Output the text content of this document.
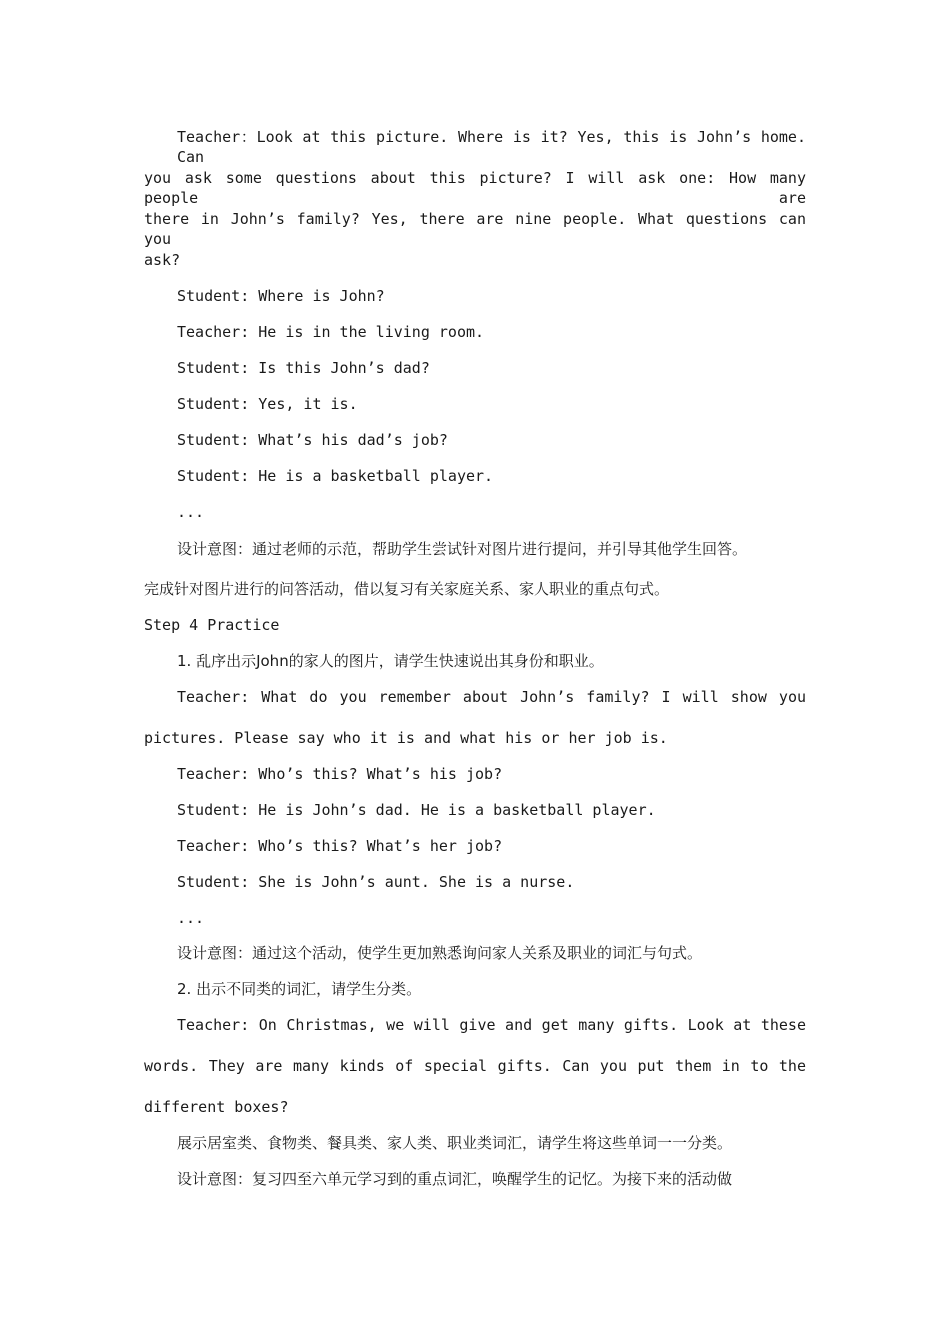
Teacher：Look at this picture. Where is it? Yes, this is John’s home. Can
you ask some questions about this picture? I will ask one: How many people are
there in John’s family? Yes, there are nine people. What questions can you
ask?
Student: Where is John?
Teacher: He is in the living room.
Student: Is this John’s dad?
Student: Yes, it is.
Student: What’s his dad’s job?
Student: He is a basketball player.
...
设计意图：通过老师的示范，帮助学生尝试针对图片进行提问，并引导其他学生回答。
完成针对图片进行的问答活动，借以复习有关家庭关系、家人职业的重点句式。
Step 4 Practice
1. 乱序出示John的家人的图片，请学生快速说出其身份和职业。
Teacher: What do you remember about John’s family? I will show you
pictures. Please say who it is and what his or her job is.
Teacher: Who’s this? What’s his job?
Student: He is John’s dad. He is a basketball player.
Teacher: Who’s this? What’s her job?
Student: She is John’s aunt. She is a nurse.
...
设计意图：通过这个活动，使学生更加熟悉询问家人关系及职业的词汇与句式。
2. 出示不同类的词汇，请学生分类。
Teacher: On Christmas, we will give and get many gifts. Look at these
words. They are many kinds of special gifts. Can you put them in to the
different boxes?
展示居室类、食物类、餐具类、家人类、职业类词汇，请学生将这些单词一一分类。
设计意图：复习四至六单元学习到的重点词汇，唤醒学生的记忆。为接下来的活动做
